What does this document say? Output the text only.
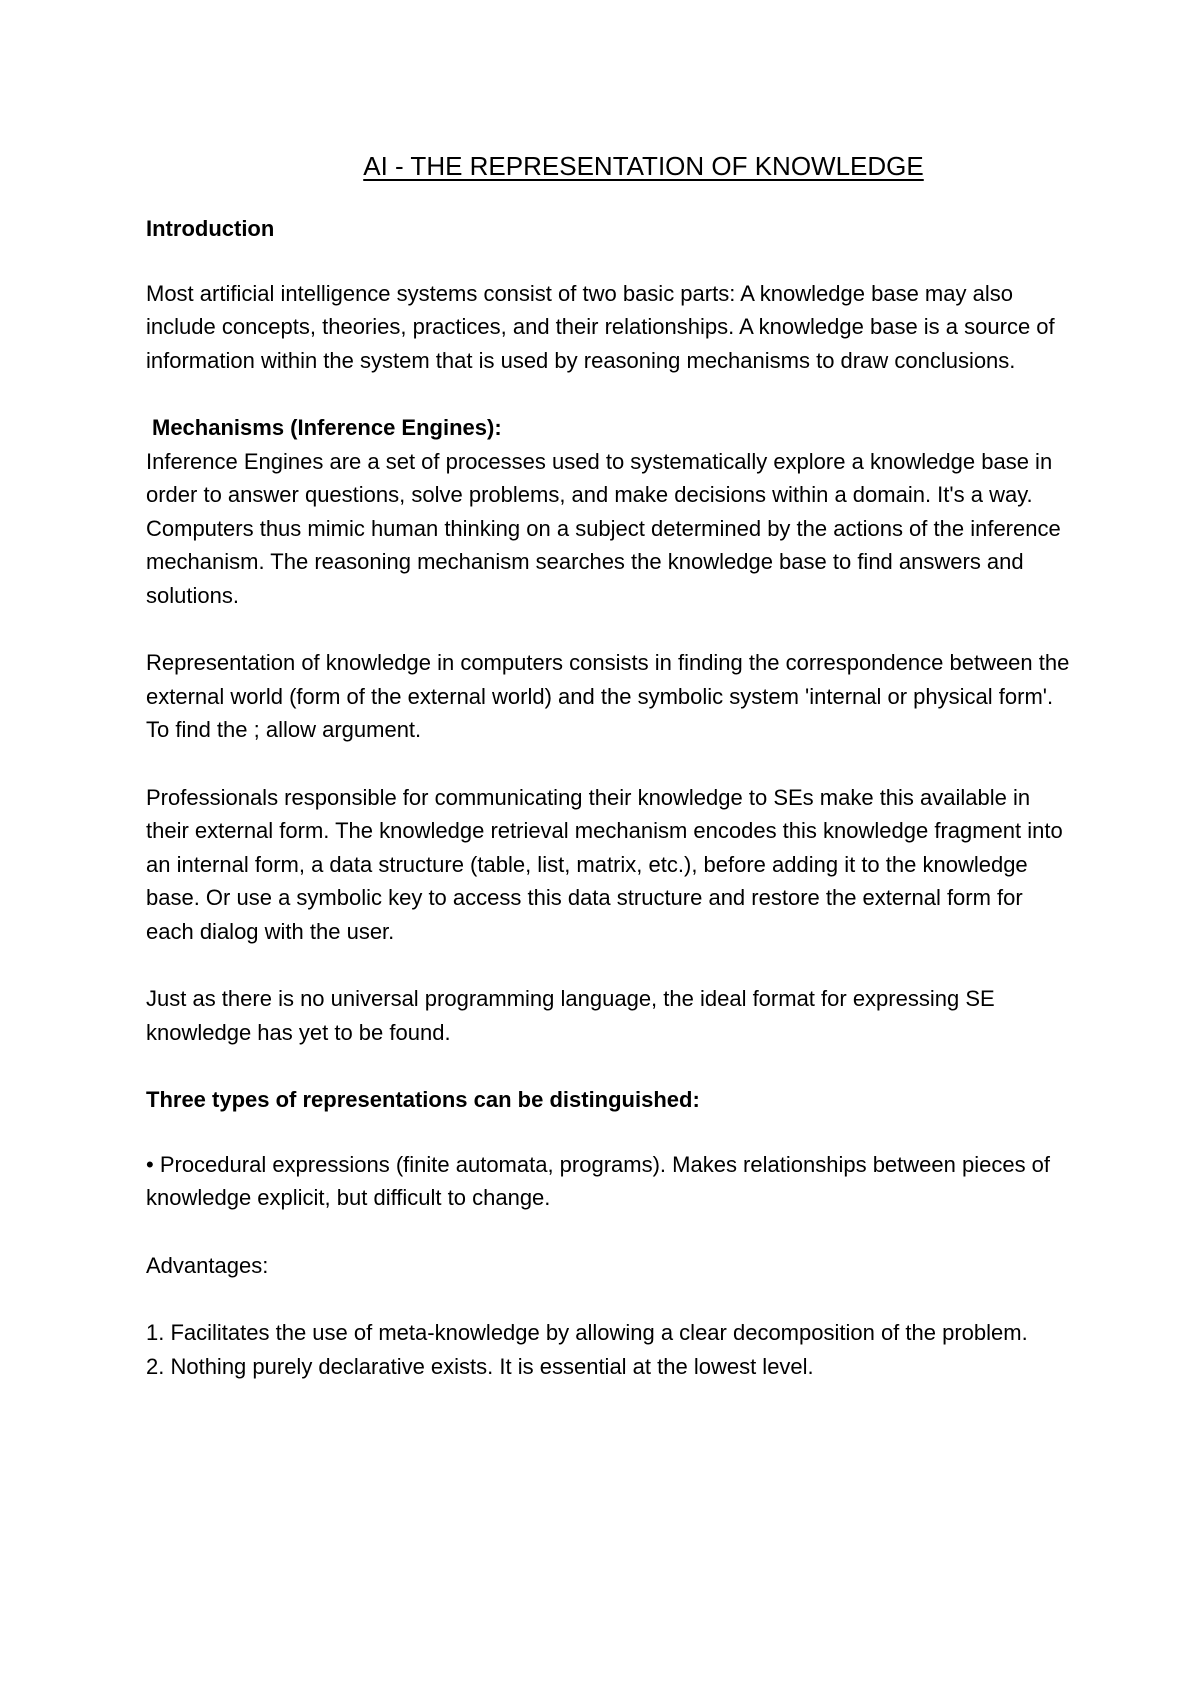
AI - THE REPRESENTATION OF KNOWLEDGE
Introduction

Most artificial intelligence systems consist of two basic parts: A knowledge base may also include concepts, theories, practices, and their relationships. A knowledge base is a source of information within the system that is used by reasoning mechanisms to draw conclusions.

Mechanisms (Inference Engines):

Inference Engines are a set of processes used to systematically explore a knowledge base in order to answer questions, solve problems, and make decisions within a domain. It's a way. Computers thus mimic human thinking on a subject determined by the actions of the inference mechanism. The reasoning mechanism searches the knowledge base to find answers and solutions.

Representation of knowledge in computers consists in finding the correspondence between the external world (form of the external world) and the symbolic system 'internal or physical form'. To find the ; allow argument.

Professionals responsible for communicating their knowledge to SEs make this available in their external form. The knowledge retrieval mechanism encodes this knowledge fragment into an internal form, a data structure (table, list, matrix, etc.), before adding it to the knowledge base. Or use a symbolic key to access this data structure and restore the external form for each dialog with the user.

Just as there is no universal programming language, the ideal format for expressing SE knowledge has yet to be found.

Three types of representations can be distinguished:

• Procedural expressions (finite automata, programs). Makes relationships between pieces of knowledge explicit, but difficult to change.

Advantages:

1. Facilitates the use of meta-knowledge by allowing a clear decomposition of the problem.
2. Nothing purely declarative exists. It is essential at the lowest level.
